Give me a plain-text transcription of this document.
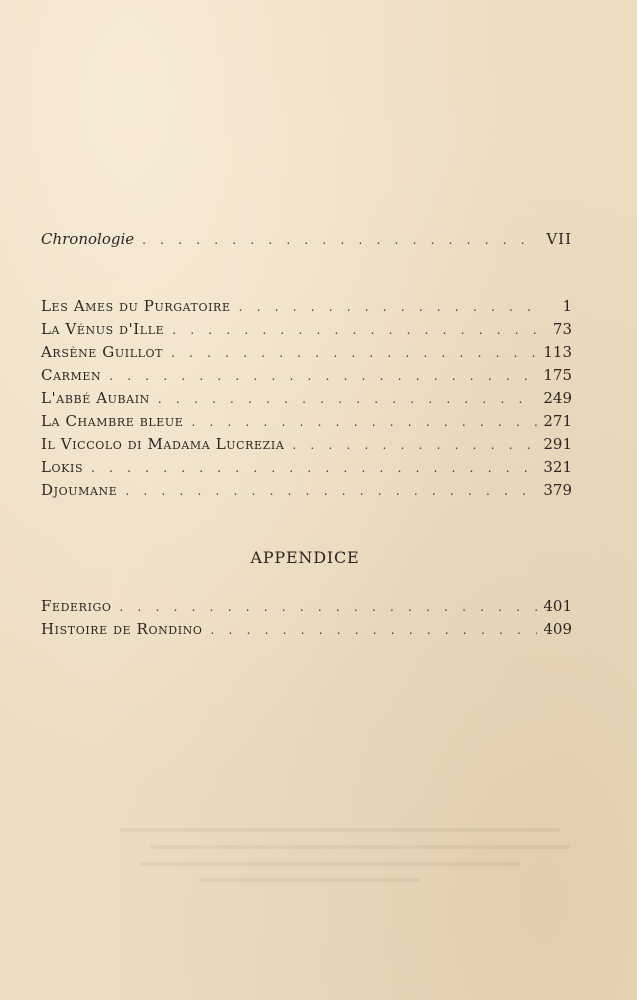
Chronologie . . .	VII
Les Ames du Purgatoire . . .	1
La Vénus d'Ille . . .	73
Arsène Guillot . . .	113
Carmen . . .	175
L'abbé Aubain . . .	249
La Chambre bleue . . .	271
Il Viccolo di Madama Lucrezia . . .	291
Lokis . . .	321
Djoumane . . .	379
APPENDICE
Federigo . . .	401
Histoire de Rondino . . .	409
